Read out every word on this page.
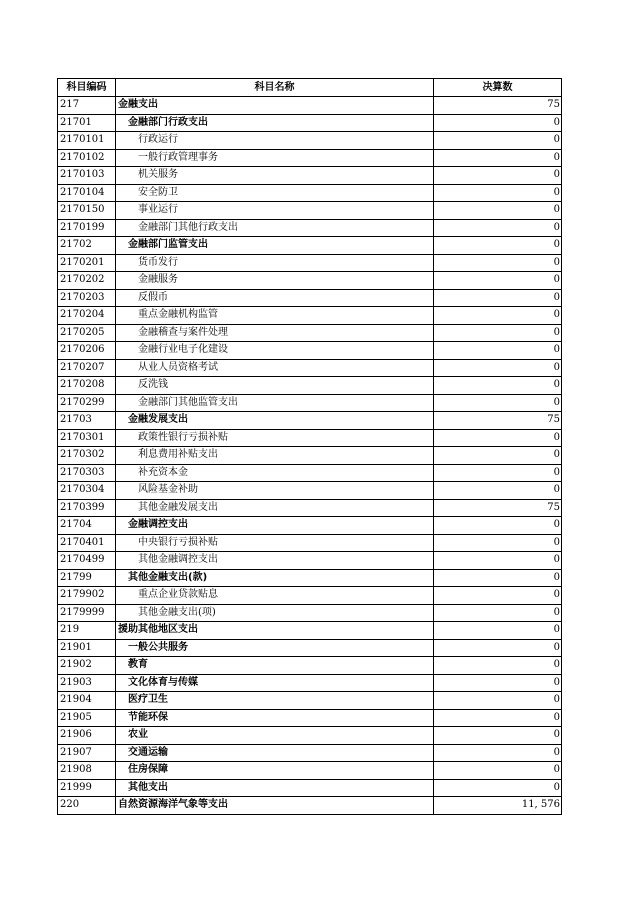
科目编码	科目名称	决算数
217	金融支出	75
21701	金融部门行政支出	0
2170101	行政运行	0
2170102	一般行政管理事务	0
2170103	机关服务	0
2170104	安全防卫	0
2170150	事业运行	0
2170199	金融部门其他行政支出	0
21702	金融部门监管支出	0
2170201	货币发行	0
2170202	金融服务	0
2170203	反假币	0
2170204	重点金融机构监管	0
2170205	金融稽查与案件处理	0
2170206	金融行业电子化建设	0
2170207	从业人员资格考试	0
2170208	反洗钱	0
2170299	金融部门其他监管支出	0
21703	金融发展支出	75
2170301	政策性银行亏损补贴	0
2170302	利息费用补贴支出	0
2170303	补充资本金	0
2170304	风险基金补助	0
2170399	其他金融发展支出	75
21704	金融调控支出	0
2170401	中央银行亏损补贴	0
2170499	其他金融调控支出	0
21799	其他金融支出(款)	0
2179902	重点企业贷款贴息	0
2179999	其他金融支出(项)	0
219	援助其他地区支出	0
21901	一般公共服务	0
21902	教育	0
21903	文化体育与传媒	0
21904	医疗卫生	0
21905	节能环保	0
21906	农业	0
21907	交通运输	0
21908	住房保障	0
21999	其他支出	0
220	自然资源海洋气象等支出	11, 576
